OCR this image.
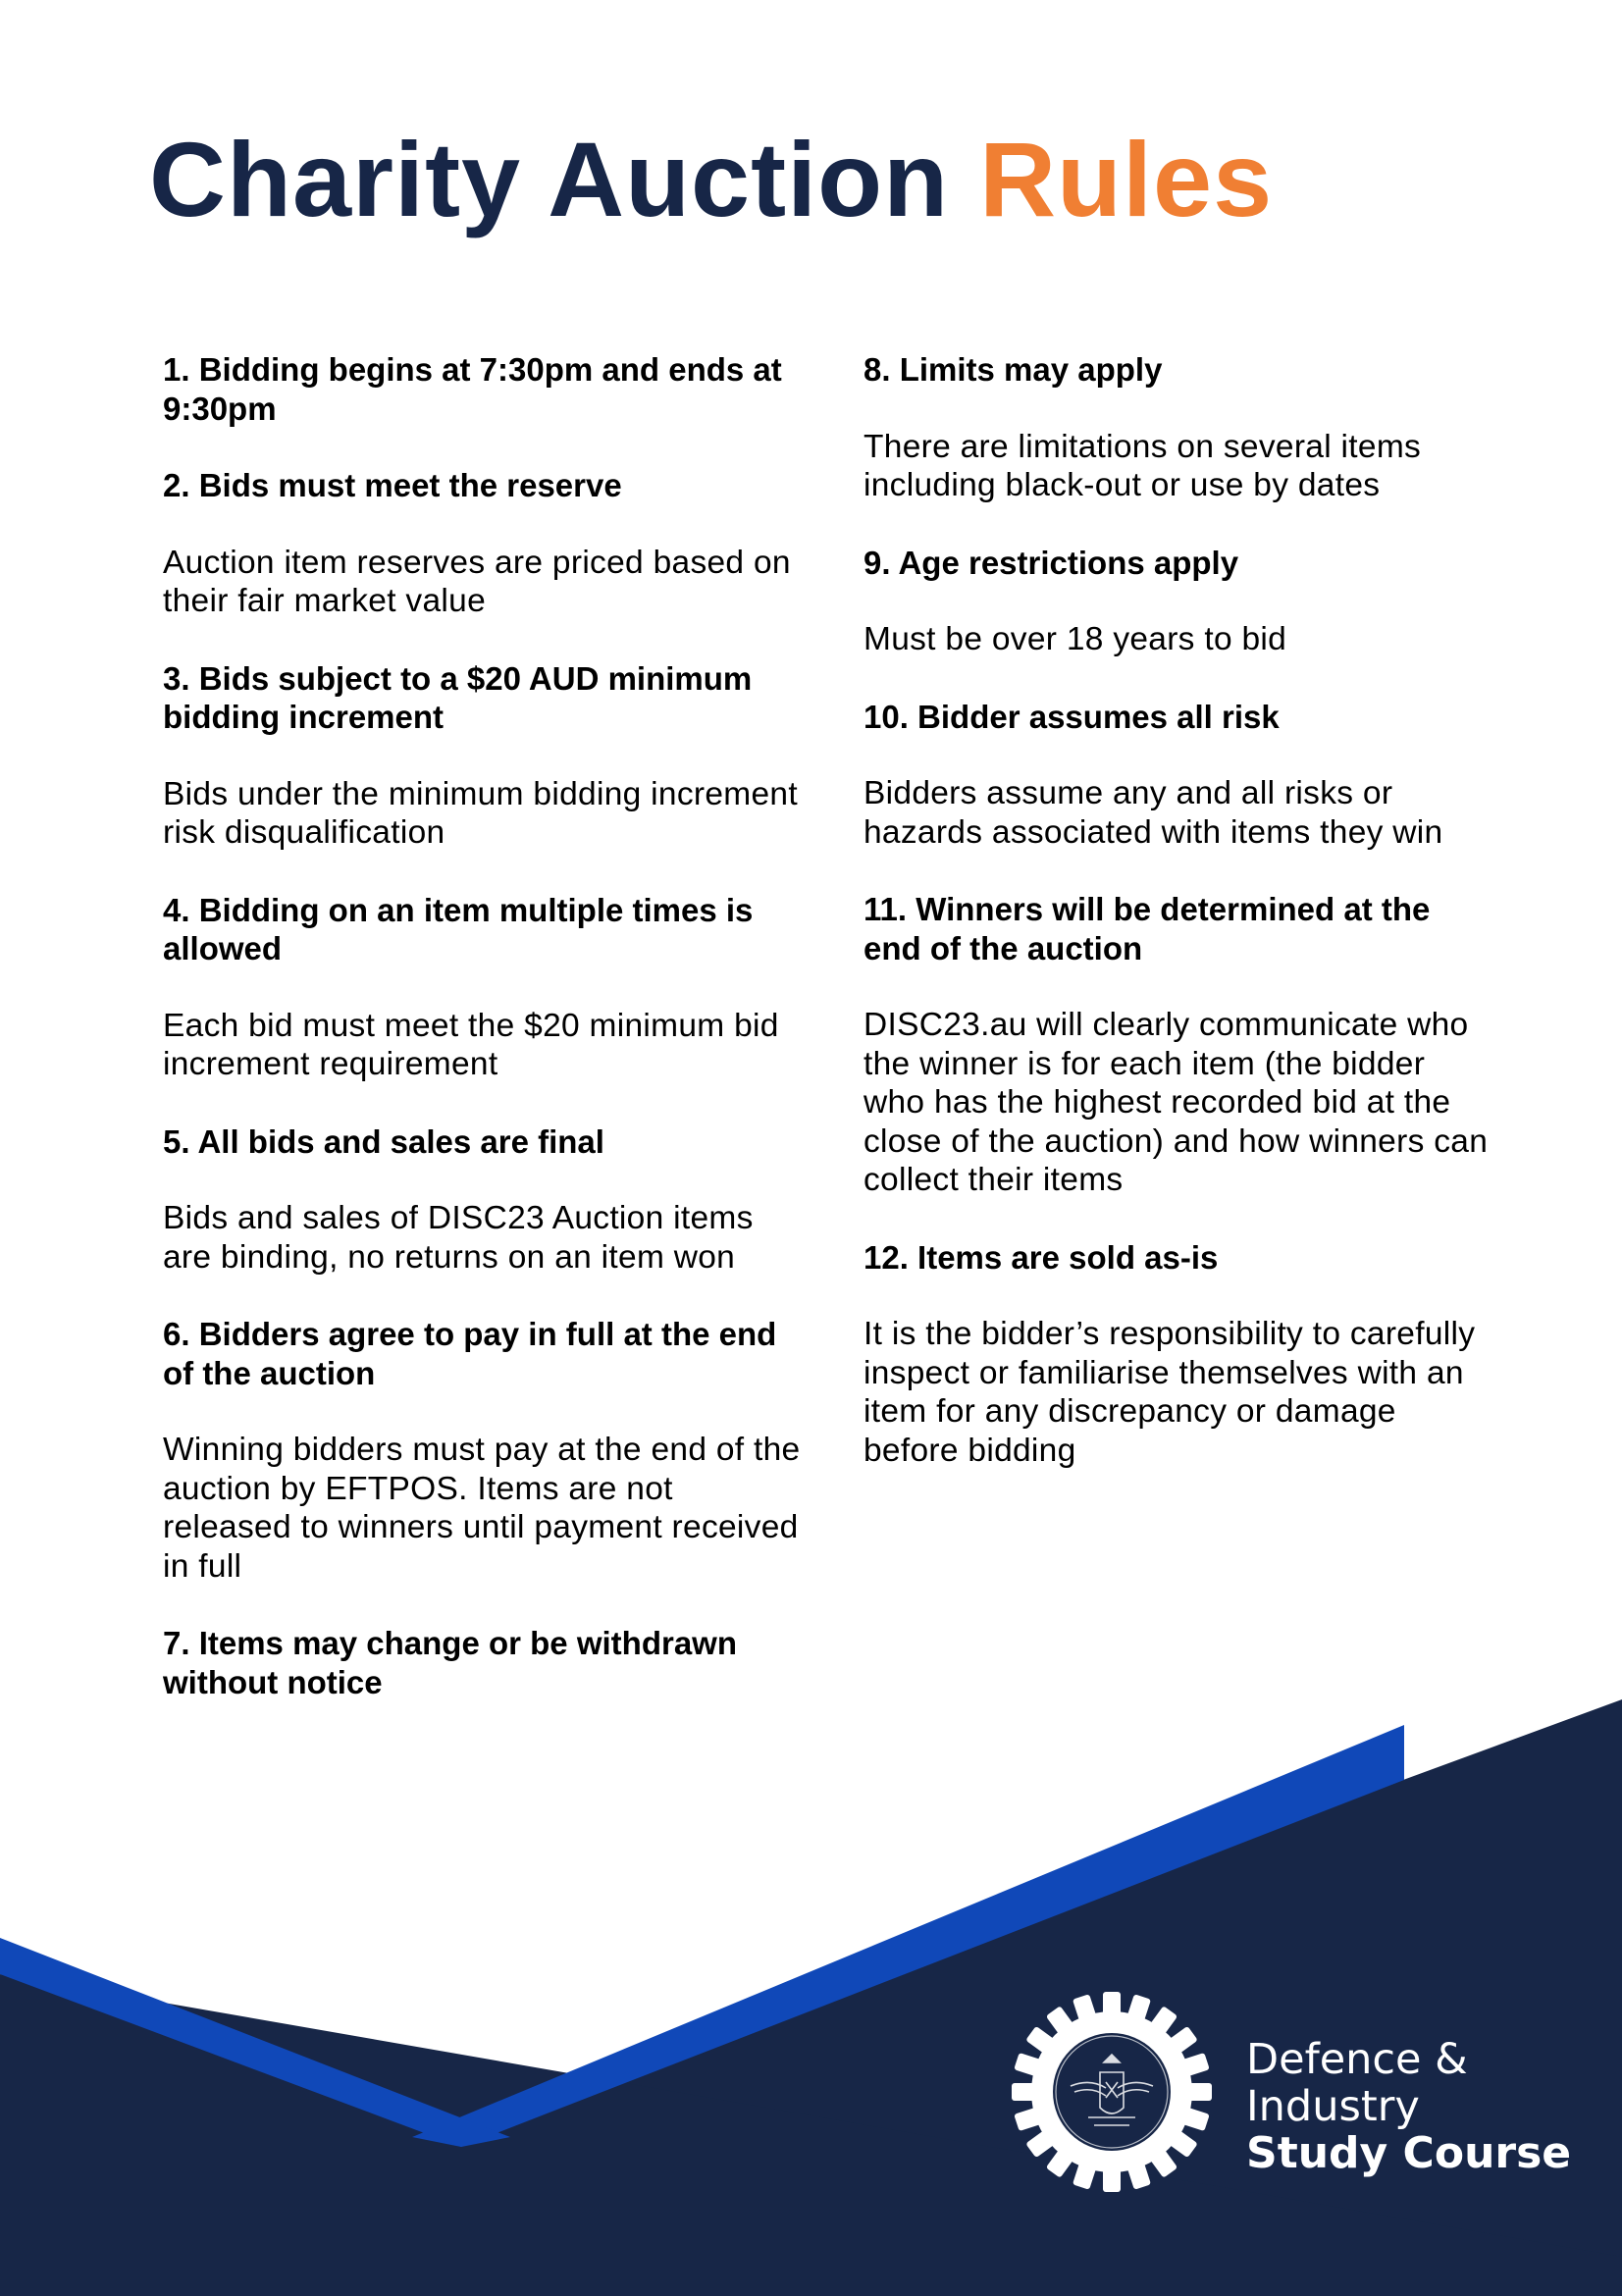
Charity Auction Rules

1. Bidding begins at 7:30pm and ends at 9:30pm

2. Bids must meet the reserve

Auction item reserves are priced based on their fair market value

3. Bids subject to a $20 AUD minimum bidding increment

Bids under the minimum bidding increment risk disqualification

4. Bidding on an item multiple times is allowed

Each bid must meet the $20 minimum bid increment requirement

5. All bids and sales are final

Bids and sales of DISC23 Auction items are binding, no returns on an item won

6. Bidders agree to pay in full at the end of the auction

Winning bidders must pay at the end of the auction by EFTPOS. Items are not released to winners until payment received in full

7. Items may change or be withdrawn without notice

8. Limits may apply

There are limitations on several items including black-out or use by dates

9. Age restrictions apply

Must be over 18 years to bid

10. Bidder assumes all risk

Bidders assume any and all risks or hazards associated with items they win

11. Winners will be determined at the end of the auction

DISC23.au will clearly communicate who the winner is for each item (the bidder who has the highest recorded bid at the close of the auction) and how winners can collect their items

12. Items are sold as-is

It is the bidder’s responsibility to carefully inspect or familiarise themselves with an item for any discrepancy or damage before bidding

Defence &
Industry
Study Course
